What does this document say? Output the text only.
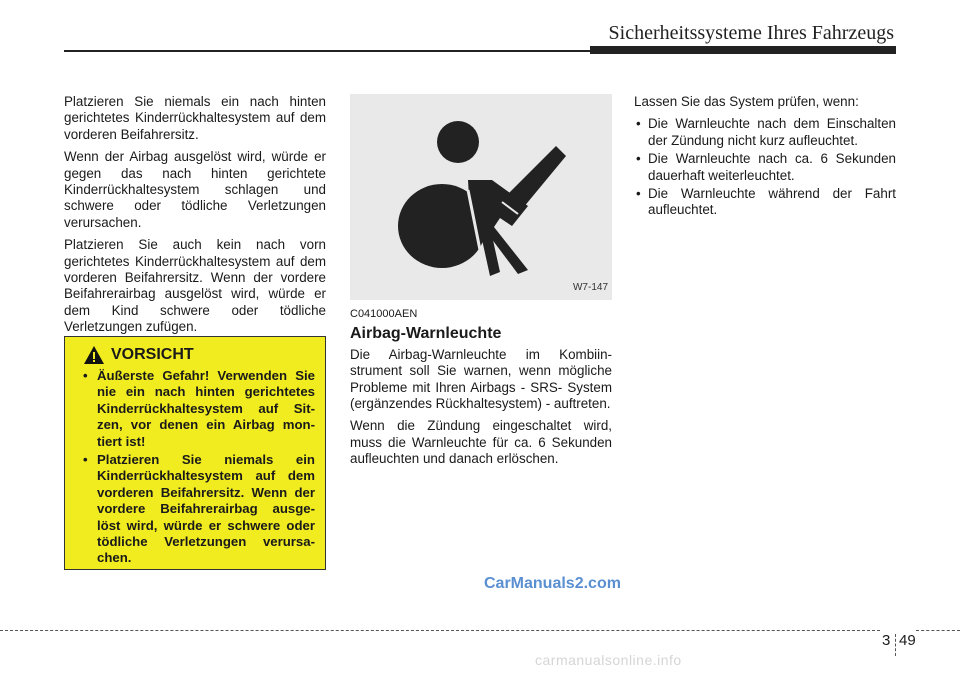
Sicherheitssysteme Ihres Fahrzeugs

Platzieren Sie niemals ein nach hinten gerichtetes Kinderrückhaltesystem auf dem vorderen Beifahrersitz.

Wenn der Airbag ausgelöst wird, würde er gegen das nach hinten gerichtete Kinderrückhaltesystem schlagen und schwere oder tödliche Verletzungen verursachen.

Platzieren Sie auch kein nach vorn gerichtetes Kinderrückhaltesystem auf dem vorderen Beifahrersitz. Wenn der vordere Beifahrerairbag ausgelöst wird, würde er dem Kind schwere oder tödliche Verletzungen zufügen.

VORSICHT
• Äußerste Gefahr! Verwenden Sie nie ein nach hinten gerichtetes Kinderrückhaltesystem auf Sit- zen, vor denen ein Airbag mon- tiert ist!
• Platzieren Sie niemals ein Kinderrückhaltesystem auf dem vorderen Beifahrersitz. Wenn der vordere Beifahrerairbag ausge- löst wird, würde er schwere oder tödliche Verletzungen verursa- chen.
W7-147
C041000AEN
Airbag-Warnleuchte

Die Airbag-Warnleuchte im Kombiin- strument soll Sie warnen, wenn mögliche Probleme mit Ihren Airbags - SRS- System (ergänzendes Rückhaltesystem) - auftreten.

Wenn die Zündung eingeschaltet wird, muss die Warnleuchte für ca. 6 Sekunden aufleuchten und danach erlöschen.

Lassen Sie das System prüfen, wenn:

• Die Warnleuchte nach dem Einschalten der Zündung nicht kurz aufleuchtet.
• Die Warnleuchte nach ca. 6 Sekunden dauerhaft weiterleuchtet.
• Die Warnleuchte während der Fahrt aufleuchtet.
CarManuals2.com
3 49
carmanualsonline.info
